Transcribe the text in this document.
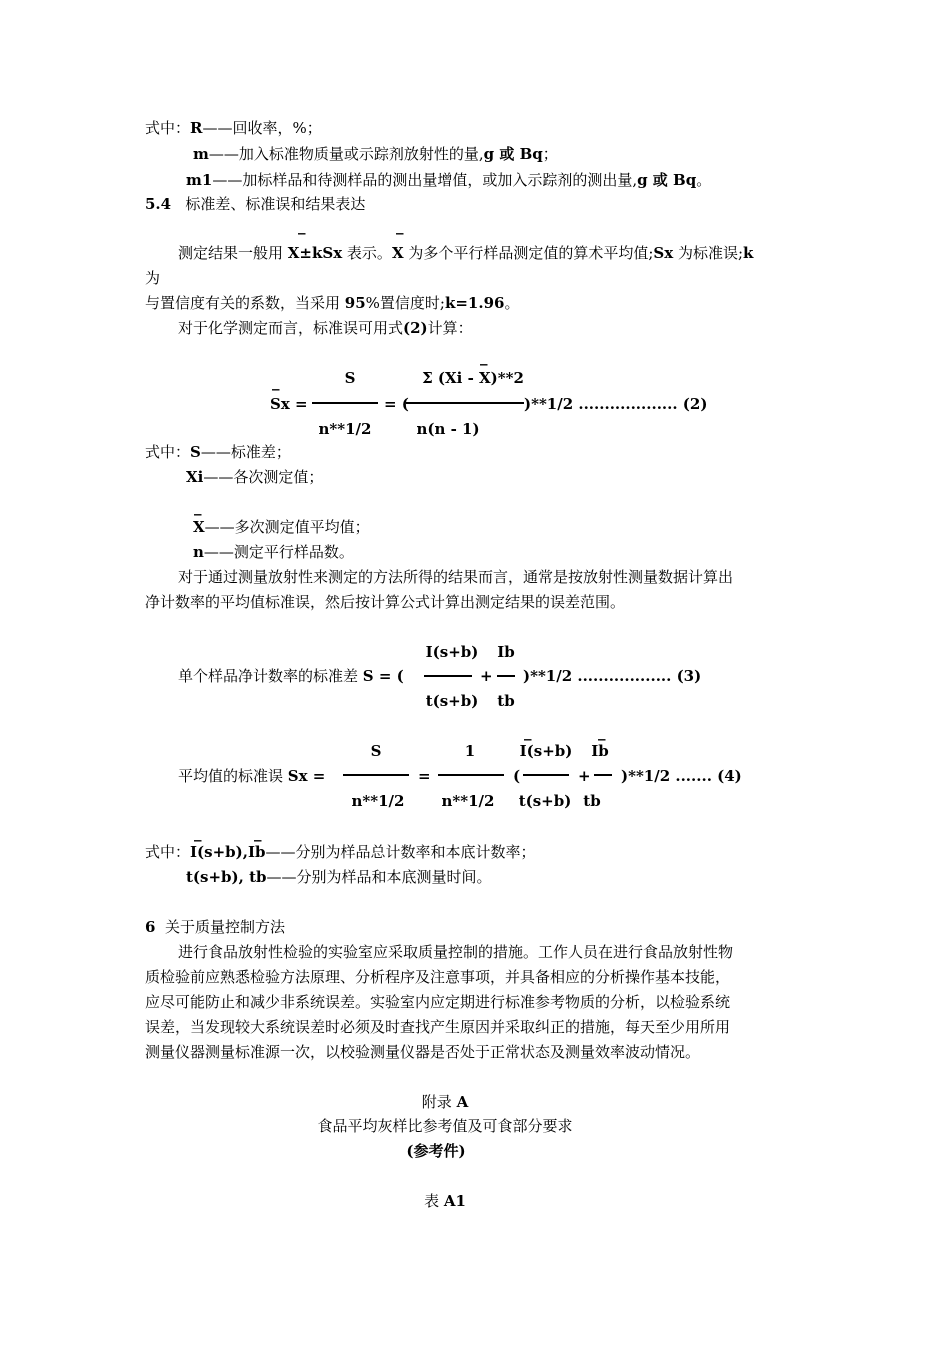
式中：R——回收率，%；
m——加入标准物质量或示踪剂放射性的量,g 或 Bq；
m1——加标样品和待测样品的测出量增值，或加入示踪剂的测出量,g 或 Bq。
5.4 标准差、标准误和结果表达
_	_
测定结果一般用 X±kSx 表示。X 为多个平行样品测定值的算术平均值;Sx 为标准误;k
为
与置信度有关的系数，当采用 95%置信度时;k=1.96。
对于化学测定而言，标准误可用式(2)计算：
_
_	S	Σ (Xi - X)**2
Sx =	= (	)**1/2 ................... (2)
n**1/2	n(n - 1)
式中：S——标准差；
Xi——各次测定值；
_
X——多次测定值平均值；
n——测定平行样品数。
对于通过测量放射性来测定的方法所得的结果而言，通常是按放射性测量数据计算出
净计数率的平均值标准误，然后按计算公式计算出测定结果的误差范围。
I(s+b)	Ib
单个样品净计数率的标准差 S = (	+ )**1/2 .................. (3)
t(s+b)	tb
_	_
S	1	I(s+b)	Ib
平均值的标准误 Sx =	=	(	+ )**1/2 ....... (4)
n**1/2	n**1/2	t(s+b) tb
_	_
式中：I(s+b),Ib——分别为样品总计数率和本底计数率；
t(s+b), tb——分别为样品和本底测量时间。
6 关于质量控制方法
进行食品放射性检验的实验室应采取质量控制的措施。工作人员在进行食品放射性物
质检验前应熟悉检验方法原理、分析程序及注意事项，并具备相应的分析操作基本技能，
应尽可能防止和减少非系统误差。实验室内应定期进行标准参考物质的分析，以检验系统
误差，当发现较大系统误差时必须及时查找产生原因并采取纠正的措施，每天至少用所用
测量仪器测量标准源一次，以校验测量仪器是否处于正常状态及测量效率波动情况。
附录 A
食品平均灰样比参考值及可食部分要求
(参考件)
表 A1
